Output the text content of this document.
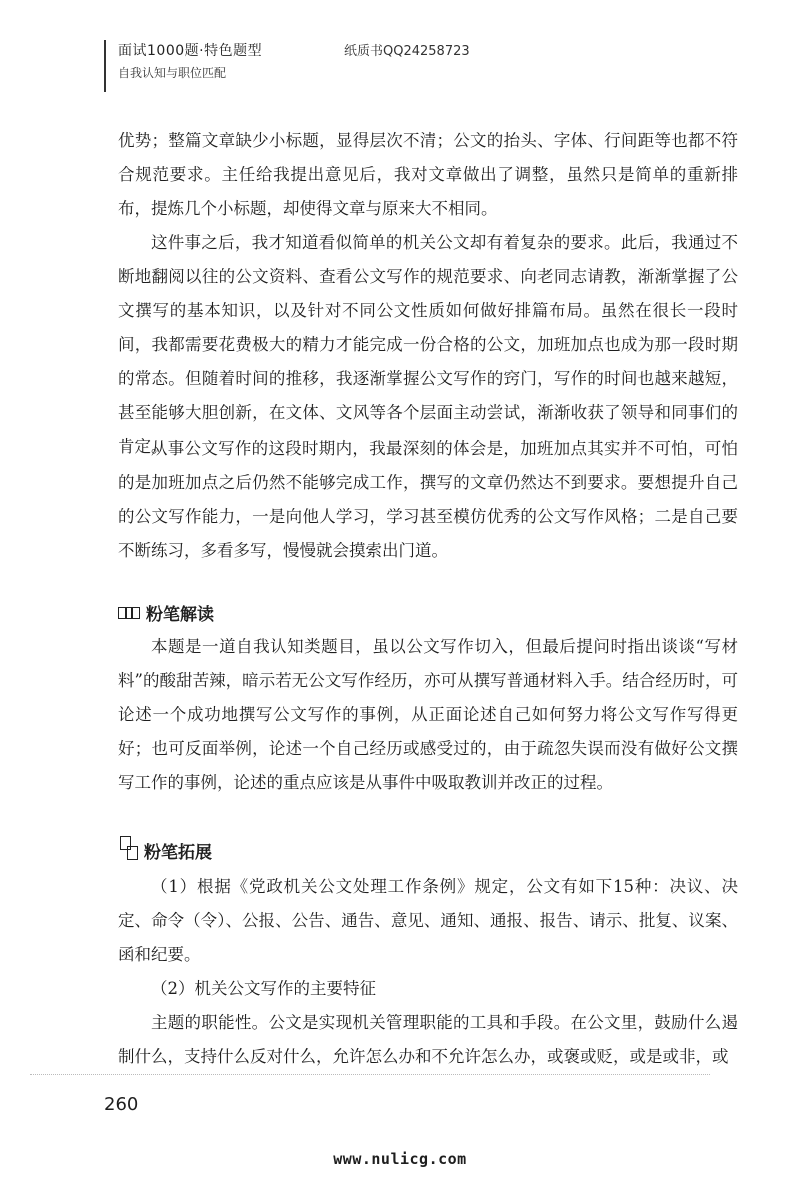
面试1000题·特色题型
自我认知与职位匹配
纸质书QQ24258723

优势；整篇文章缺少小标题，显得层次不清；公文的抬头、字体、行间距等也都不符合规范要求。主任给我提出意见后，我对文章做出了调整，虽然只是简单的重新排布，提炼几个小标题，却使得文章与原来大不相同。

这件事之后，我才知道看似简单的机关公文却有着复杂的要求。此后，我通过不断地翻阅以往的公文资料、查看公文写作的规范要求、向老同志请教，渐渐掌握了公文撰写的基本知识，以及针对不同公文性质如何做好排篇布局。虽然在很长一段时间，我都需要花费极大的精力才能完成一份合格的公文，加班加点也成为那一段时期的常态。但随着时间的推移，我逐渐掌握公文写作的窍门，写作的时间也越来越短，甚至能够大胆创新，在文体、文风等各个层面主动尝试，渐渐收获了领导和同事们的肯定。

从事公文写作的这段时期内，我最深刻的体会是，加班加点其实并不可怕，可怕的是加班加点之后仍然不能够完成工作，撰写的文章仍然达不到要求。要想提升自己的公文写作能力，一是向他人学习，学习甚至模仿优秀的公文写作风格；二是自己要不断练习，多看多写，慢慢就会摸索出门道。

粉笔解读

本题是一道自我认知类题目，虽以公文写作切入，但最后提问时指出谈谈“写材料”的酸甜苦辣，暗示若无公文写作经历，亦可从撰写普通材料入手。结合经历时，可论述一个成功地撰写公文写作的事例，从正面论述自己如何努力将公文写作写得更好；也可反面举例，论述一个自己经历或感受过的，由于疏忽失误而没有做好公文撰写工作的事例，论述的重点应该是从事件中吸取教训并改正的过程。

粉笔拓展

（1）根据《党政机关公文处理工作条例》规定，公文有如下15种：决议、决定、命令（令）、公报、公告、通告、意见、通知、通报、报告、请示、批复、议案、函和纪要。

（2）机关公文写作的主要特征

主题的职能性。公文是实现机关管理职能的工具和手段。在公文里，鼓励什么遏制什么，支持什么反对什么，允许怎么办和不允许怎么办，或褒或贬，或是或非，或

260
www.nulicg.com
